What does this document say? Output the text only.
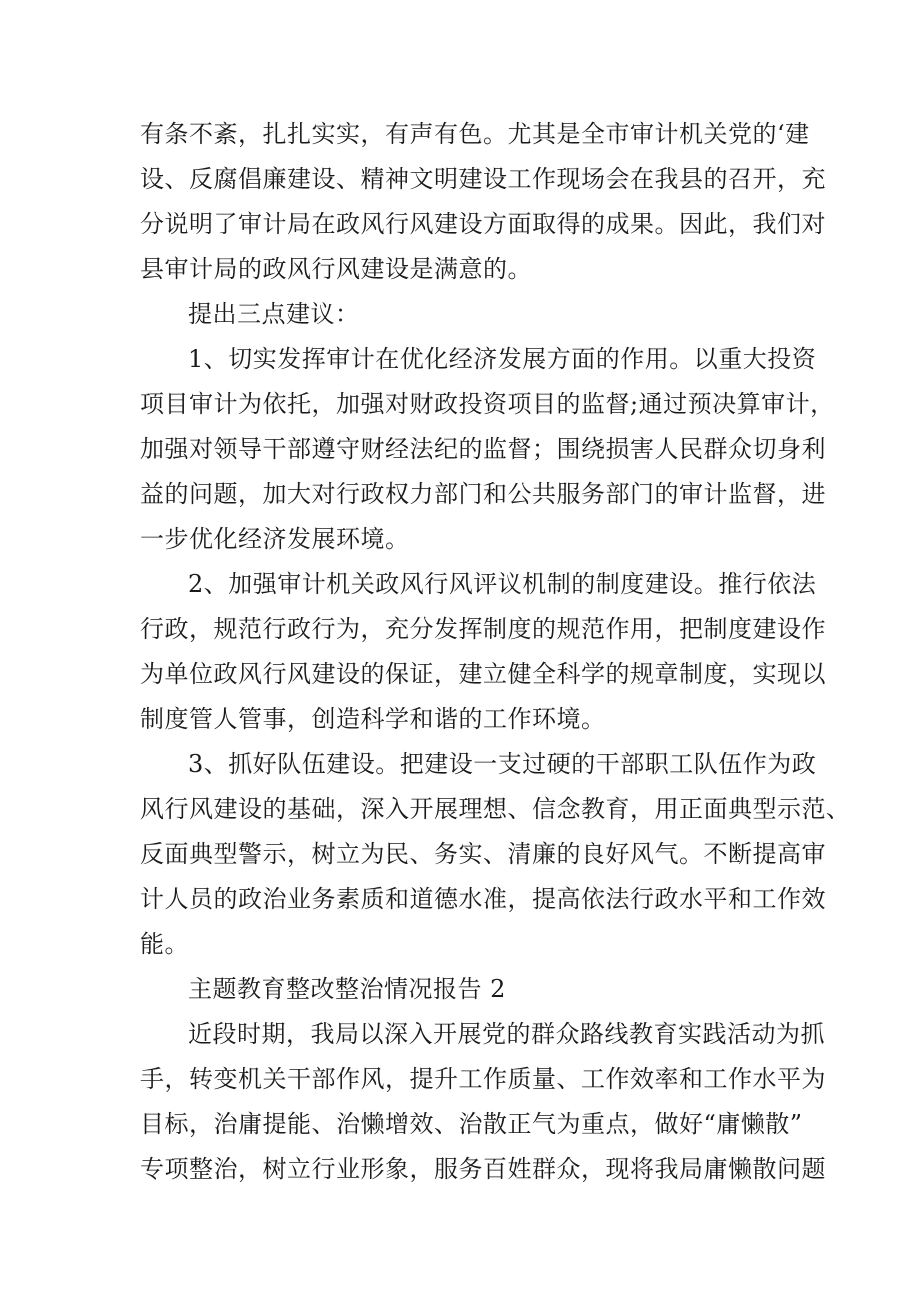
有条不紊，扎扎实实，有声有色。尤其是全市审计机关党的‘建
设、反腐倡廉建设、精神文明建设工作现场会在我县的召开，充
分说明了审计局在政风行风建设方面取得的成果。因此，我们对
县审计局的政风行风建设是满意的。
提出三点建议：
1、切实发挥审计在优化经济发展方面的作用。以重大投资
项目审计为依托，加强对财政投资项目的监督;通过预决算审计，
加强对领导干部遵守财经法纪的监督；围绕损害人民群众切身利
益的问题，加大对行政权力部门和公共服务部门的审计监督，进
一步优化经济发展环境。
2、加强审计机关政风行风评议机制的制度建设。推行依法
行政，规范行政行为，充分发挥制度的规范作用，把制度建设作
为单位政风行风建设的保证，建立健全科学的规章制度，实现以
制度管人管事，创造科学和谐的工作环境。
3、抓好队伍建设。把建设一支过硬的干部职工队伍作为政
风行风建设的基础，深入开展理想、信念教育，用正面典型示范、
反面典型警示，树立为民、务实、清廉的良好风气。不断提高审
计人员的政治业务素质和道德水准，提高依法行政水平和工作效
能。
主题教育整改整治情况报告 2
近段时期，我局以深入开展党的群众路线教育实践活动为抓
手，转变机关干部作风，提升工作质量、工作效率和工作水平为
目标，治庸提能、治懒增效、治散正气为重点，做好“庸懒散”
专项整治，树立行业形象，服务百姓群众，现将我局庸懒散问题
